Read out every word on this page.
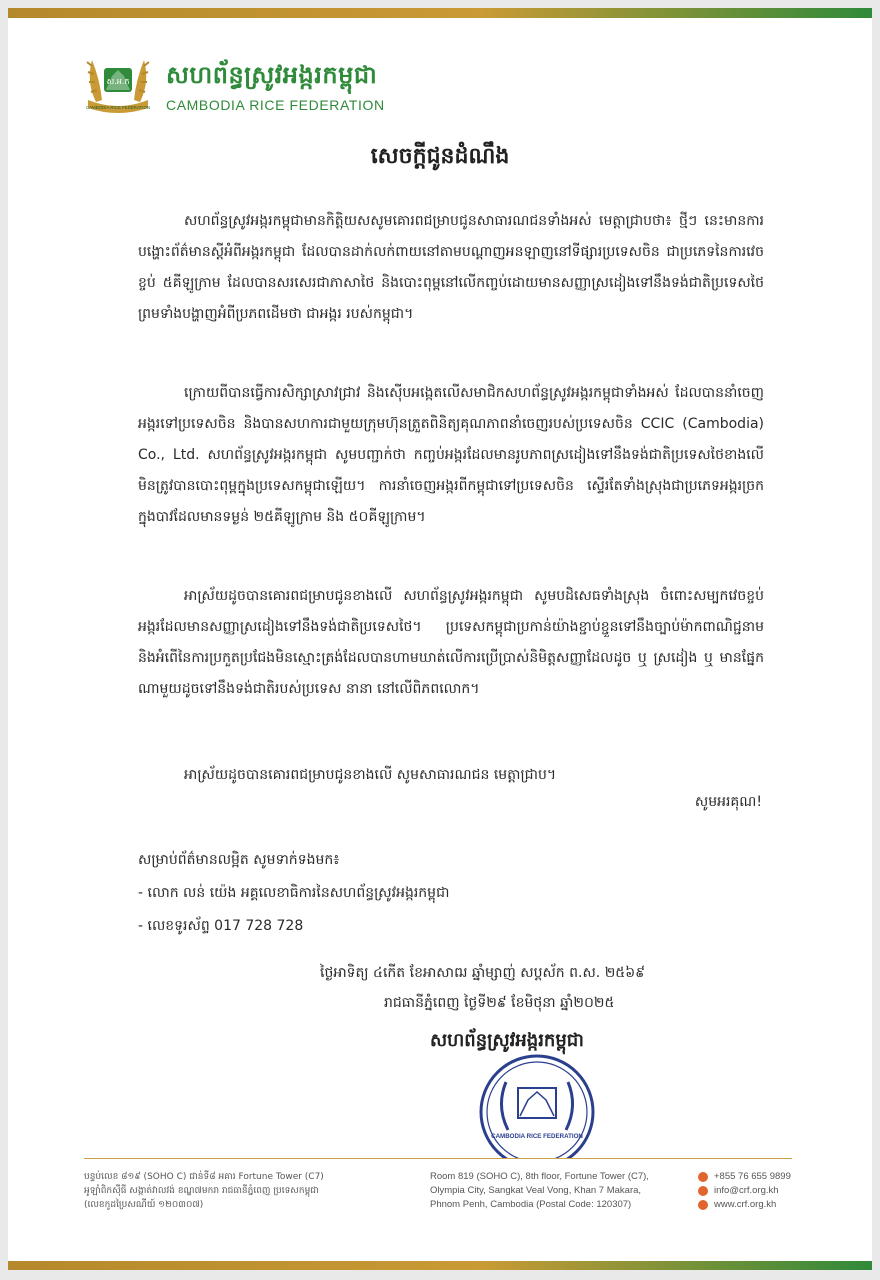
ស.អ.ក
CAMBODIA RICE FEDERATION
សហព័ន្ធស្រូវអង្ករកម្ពុជា
CAMBODIA RICE FEDERATION
សេចក្តីជូនដំណឹង
សហព័ន្ធស្រូវអង្ករកម្ពុជាមានកិត្តិយសសូមគោរពជម្រាបជូនសាធារណជនទាំងអស់ មេត្តាជ្រាបថា៖ ថ្មីៗ នេះមានការបង្ហោះព័ត៌មានស្តីអំពីអង្ករកម្ពុជា ដែលបានដាក់លក់ពាយនៅតាមបណ្តាញអនឡាញនៅទីផ្សារប្រទេសចិន ជាប្រភេទនៃការវេចខ្ចប់ ៥គីឡូក្រាម ដែលបានសរសេរជាភាសាថៃ និងបោះពុម្ពនៅលើកញ្ចប់ដោយមានសញ្ញាស្រដៀងទៅនឹងទង់ជាតិប្រទេសថៃ ព្រមទាំងបង្ហាញអំពីប្រភពដើមថា ជាអង្ករ របស់កម្ពុជា។
ក្រោយពីបានធ្វើការសិក្សាស្រាវជ្រាវ និងស៊ើបអង្កេតលើសមាជិកសហព័ន្ធស្រូវអង្ករកម្ពុជាទាំងអស់ ដែលបាននាំចេញអង្ករទៅប្រទេសចិន និងបានសហការជាមួយក្រុមហ៊ុនត្រួតពិនិត្យគុណភាពនាំចេញរបស់ប្រទេសចិន CCIC (Cambodia) Co., Ltd. សហព័ន្ធស្រូវអង្ករកម្ពុជា សូមបញ្ជាក់ថា កញ្ចប់អង្ករដែលមានរូបភាពស្រដៀងទៅនឹងទង់ជាតិប្រទេសថៃខាងលើ មិនត្រូវបានបោះពុម្ពក្នុងប្រទេសកម្ពុជាឡើយ។ ការនាំចេញអង្ករពីកម្ពុជាទៅប្រទេសចិន ស្ទើរតែទាំងស្រុងជាប្រភេទអង្ករច្រកក្នុងបាវដែលមានទម្ងន់ ២៥គីឡូក្រាម និង ៥០គីឡូក្រាម។
អាស្រ័យដូចបានគោរពជម្រាបជូនខាងលើ សហព័ន្ធស្រូវអង្ករកម្ពុជា សូមបដិសេធទាំងស្រុង ចំពោះសម្បកវេចខ្ចប់អង្ករដែលមានសញ្ញាស្រដៀងទៅនឹងទង់ជាតិប្រទេសថៃ។ ប្រទេសកម្ពុជាប្រកាន់យ៉ាងខ្ជាប់ខ្ជួនទៅនឹងច្បាប់ម៉ាកពាណិជ្ជនាម និងអំពើនៃការប្រកួតប្រជែងមិនស្មោះត្រង់ដែលបានហាមឃាត់លើការប្រើប្រាស់និមិត្តសញ្ញាដែលដូច ឬ ស្រដៀង ឬ មានផ្នែកណាមួយដូចទៅនឹងទង់ជាតិរបស់ប្រទេស នានា នៅលើពិភពលោក។
អាស្រ័យដូចបានគោរពជម្រាបជូនខាងលើ សូមសាធារណជន មេត្តាជ្រាប។
សូមអរគុណ!
សម្រាប់ព័ត៌មានលម្អិត សូមទាក់ទងមក៖
- លោក លន់ យ៉េង អគ្គលេខាធិការនៃសហព័ន្ធស្រូវអង្ករកម្ពុជា
- លេខទូរស័ព្ទ 017 728 728
ថ្ងៃអាទិត្យ ៤កើត ខែអាសាឍ ឆ្នាំម្សាញ់ សប្តស័ក ព.ស. ២៥៦៩
រាជធានីភ្នំពេញ ថ្ងៃទី២៩ ខែមិថុនា ឆ្នាំ២០២៥
សហព័ន្ធស្រូវអង្ករកម្ពុជា
CAMBODIA RICE FEDERATION
បន្ទប់លេខ ៨១៩ (SOHO C) ជាន់ទី៨ អគារ Fortune Tower (C7)
អូឡាំពិកស៊ីធី សង្កាត់វាលវង់ ខណ្ឌ៧មករា រាជធានីភ្នំពេញ ប្រទេសកម្ពុជា
(លេខកូដប្រៃសណីយ៍ ១២០៣០៧)
Room 819 (SOHO C), 8th floor, Fortune Tower (C7),
Olympia City, Sangkat Veal Vong, Khan 7 Makara,
Phnom Penh, Cambodia (Postal Code: 120307)
+855 76 655 9899
info@crf.org.kh
www.crf.org.kh
